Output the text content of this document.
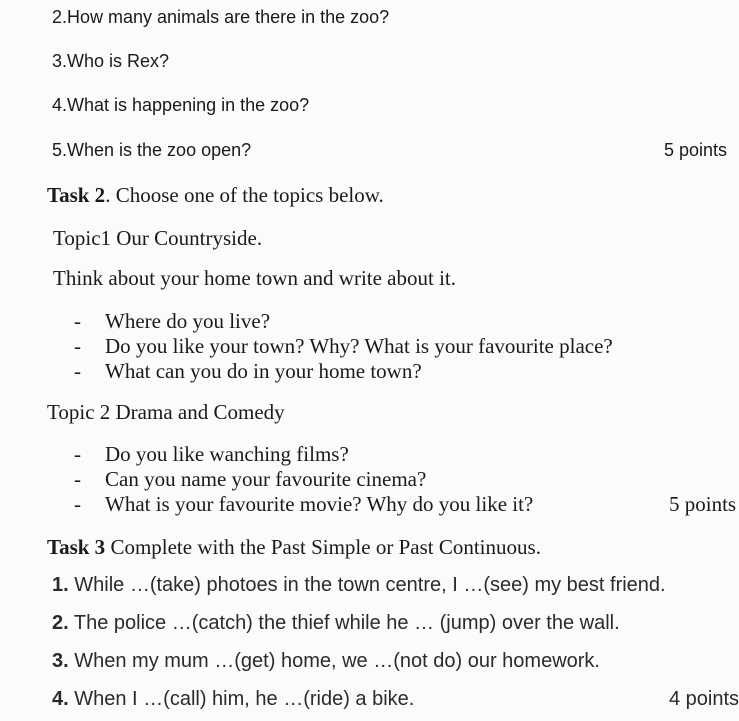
2.How many animals are there in the zoo?
3.Who is Rex?
4.What is happening in the zoo?
5.When is the zoo open?	5 points
Task 2. Choose one of the topics below.
Topic1 Our Countryside.
Think about your home town and write about it.
- Where do you live?
- Do you like your town? Why? What is your favourite place?
- What can you do in your home town?
Topic 2 Drama and Comedy
- Do you like wanching films?
- Can you name your favourite cinema?
- What is your favourite movie? Why do you like it?	5 points
Task 3 Complete with the Past Simple or Past Continuous.
1. While …(take) photoes in the town centre, I …(see) my best friend.
2. The police …(catch) the thief while he … (jump) over the wall.
3. When my mum …(get) home, we …(not do) our homework.
4. When I …(call) him, he …(ride) a bike.	4 points
